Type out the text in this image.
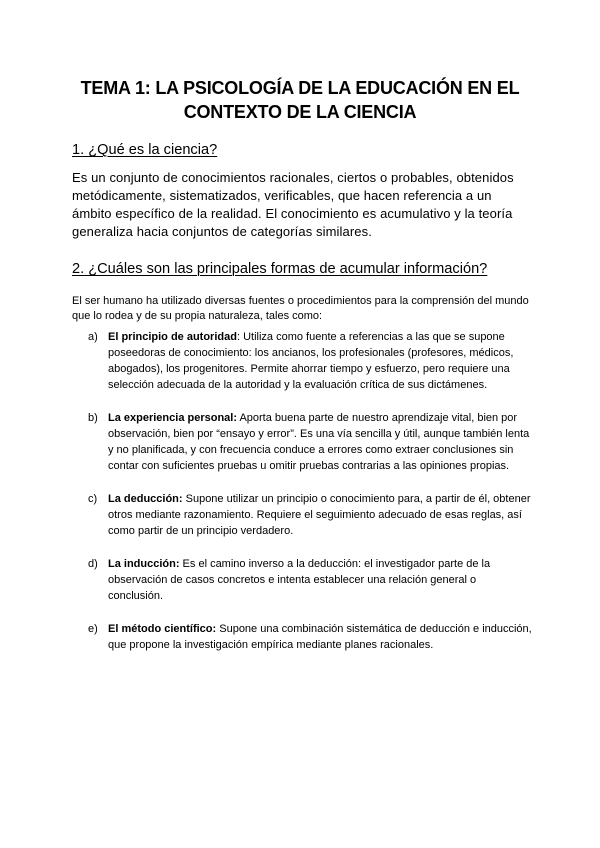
TEMA 1: LA PSICOLOGÍA DE LA EDUCACIÓN EN EL
CONTEXTO DE LA CIENCIA
1. ¿Qué es la ciencia?

Es un conjunto de conocimientos racionales, ciertos o probables, obtenidos metódicamente, sistematizados, verificables, que hacen referencia a un ámbito específico de la realidad. El conocimiento es acumulativo y la teoría generaliza hacia conjuntos de categorías similares.

2. ¿Cuáles son las principales formas de acumular información?

El ser humano ha utilizado diversas fuentes o procedimientos para la comprensión del mundo que lo rodea y de su propia naturaleza, tales como:

a) El principio de autoridad: Utiliza como fuente a referencias a las que se supone poseedoras de conocimiento: los ancianos, los profesionales (profesores, médicos, abogados), los progenitores. Permite ahorrar tiempo y esfuerzo, pero requiere una selección adecuada de la autoridad y la evaluación crítica de sus dictámenes.
b) La experiencia personal: Aporta buena parte de nuestro aprendizaje vital, bien por observación, bien por “ensayo y error”. Es una vía sencilla y útil, aunque también lenta y no planificada, y con frecuencia conduce a errores como extraer conclusiones sin contar con suficientes pruebas u omitir pruebas contrarias a las opiniones propias.
c) La deducción: Supone utilizar un principio o conocimiento para, a partir de él, obtener otros mediante razonamiento. Requiere el seguimiento adecuado de esas reglas, así como partir de un principio verdadero.
d) La inducción: Es el camino inverso a la deducción: el investigador parte de la observación de casos concretos e intenta establecer una relación general o conclusión.
e) El método científico: Supone una combinación sistemática de deducción e inducción, que propone la investigación empírica mediante planes racionales.
